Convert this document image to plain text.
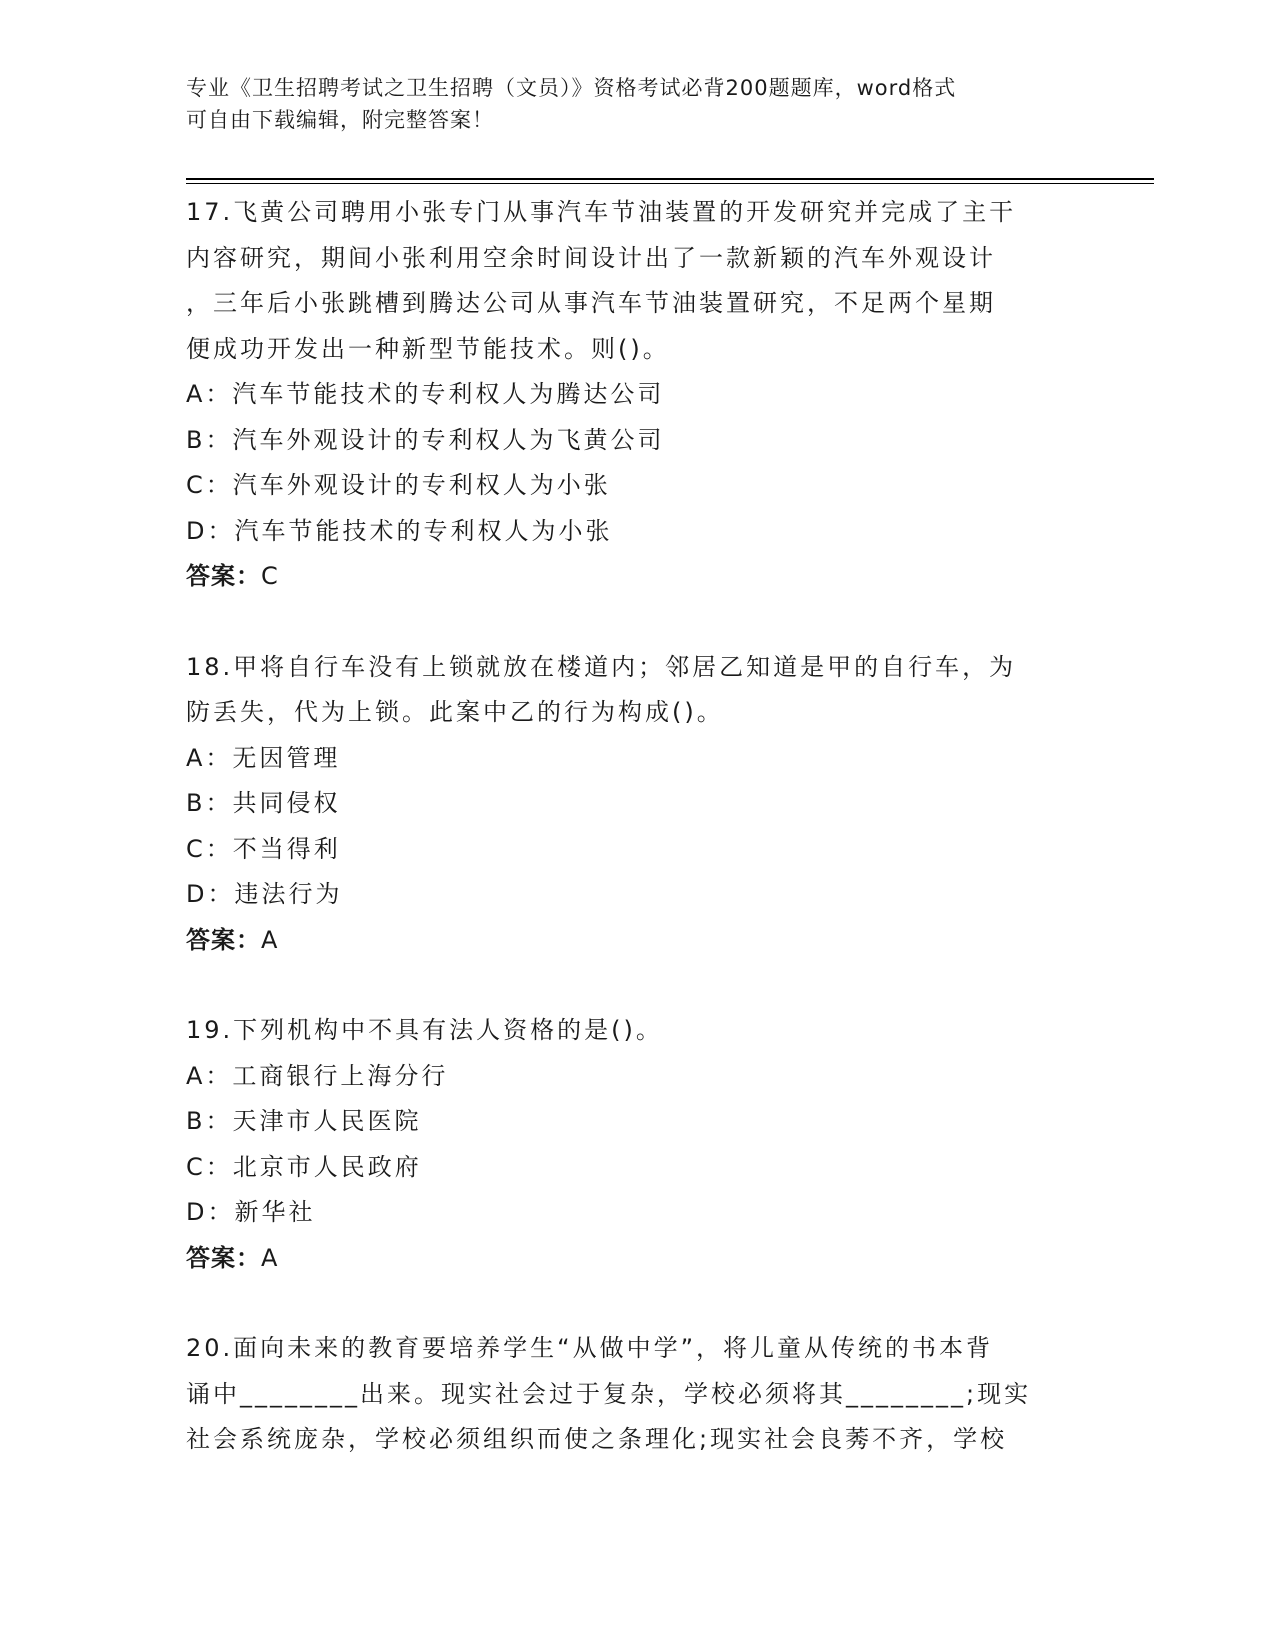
专业《卫生招聘考试之卫生招聘（文员）》资格考试必背200题题库，word格式
可自由下载编辑，附完整答案！
17.飞黄公司聘用小张专门从事汽车节油装置的开发研究并完成了主干
内容研究，期间小张利用空余时间设计出了一款新颖的汽车外观设计
，三年后小张跳槽到腾达公司从事汽车节油装置研究，不足两个星期
便成功开发出一种新型节能技术。则()。
A：汽车节能技术的专利权人为腾达公司
B：汽车外观设计的专利权人为飞黄公司
C：汽车外观设计的专利权人为小张
D：汽车节能技术的专利权人为小张
答案：C
18.甲将自行车没有上锁就放在楼道内；邻居乙知道是甲的自行车，为
防丢失，代为上锁。此案中乙的行为构成()。
A：无因管理
B：共同侵权
C：不当得利
D：违法行为
答案：A
19.下列机构中不具有法人资格的是()。
A：工商银行上海分行
B：天津市人民医院
C：北京市人民政府
D：新华社
答案：A
20.面向未来的教育要培养学生“从做中学”，将儿童从传统的书本背
诵中________出来。现实社会过于复杂，学校必须将其________;现实
社会系统庞杂，学校必须组织而使之条理化;现实社会良莠不齐，学校
